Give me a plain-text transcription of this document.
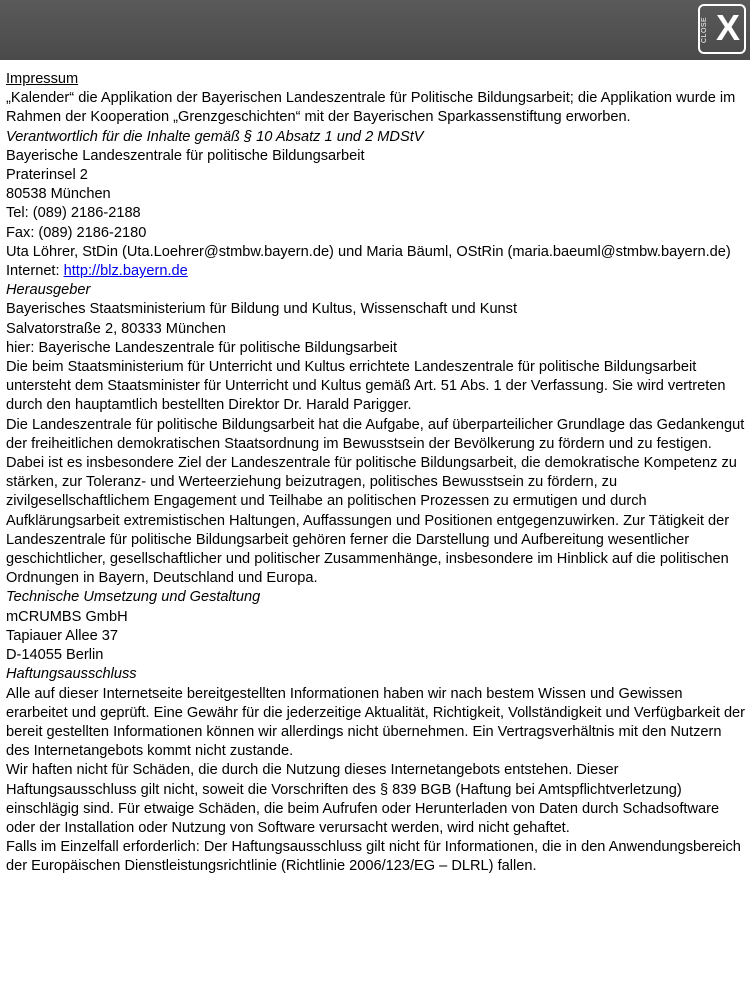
CLOSE X

Impressum

„Kalender“ die Applikation der Bayerischen Landeszentrale für Politische Bildungsarbeit; die Applikation wurde im Rahmen der Kooperation „Grenzgeschichten“ mit der Bayerischen Sparkassenstiftung erworben.

Verantwortlich für die Inhalte gemäß § 10 Absatz 1 und 2 MDStV

Bayerische Landeszentrale für politische Bildungsarbeit

Praterinsel 2

80538 München

Tel: (089) 2186-2188

Fax: (089) 2186-2180

Uta Löhrer, StDin (Uta.Loehrer@stmbw.bayern.de) und Maria Bäuml, OStRin (maria.baeuml@stmbw.bayern.de)

Internet: http://blz.bayern.de

Herausgeber

Bayerisches Staatsministerium für Bildung und Kultus, Wissenschaft und Kunst

Salvatorstraße 2, 80333 München

hier: Bayerische Landeszentrale für politische Bildungsarbeit

Die beim Staatsministerium für Unterricht und Kultus errichtete Landeszentrale für politische Bildungsarbeit untersteht dem Staatsminister für Unterricht und Kultus gemäß Art. 51 Abs. 1 der Verfassung. Sie wird vertreten durch den hauptamtlich bestellten Direktor Dr. Harald Parigger.

Die Landeszentrale für politische Bildungsarbeit hat die Aufgabe, auf überparteilicher Grundlage das Gedankengut der freiheitlichen demokratischen Staatsordnung im Bewusstsein der Bevölkerung zu fördern und zu festigen. Dabei ist es insbesondere Ziel der Landeszentrale für politische Bildungsarbeit, die demokratische Kompetenz zu stärken, zur Toleranz- und Werteerziehung beizutragen, politisches Bewusstsein zu fördern, zu zivilgesellschaftlichem Engagement und Teilhabe an politischen Prozessen zu ermutigen und durch Aufklärungsarbeit extremistischen Haltungen, Auffassungen und Positionen entgegenzuwirken. Zur Tätigkeit der Landeszentrale für politische Bildungsarbeit gehören ferner die Darstellung und Aufbereitung wesentlicher geschichtlicher, gesellschaftlicher und politischer Zusammenhänge, insbesondere im Hinblick auf die politischen Ordnungen in Bayern, Deutschland und Europa.

Technische Umsetzung und Gestaltung

mCRUMBS GmbH

Tapiauer Allee 37

D-14055 Berlin

Haftungsausschluss

Alle auf dieser Internetseite bereitgestellten Informationen haben wir nach bestem Wissen und Gewissen erarbeitet und geprüft. Eine Gewähr für die jederzeitige Aktualität, Richtigkeit, Vollständigkeit und Verfügbarkeit der bereit gestellten Informationen können wir allerdings nicht übernehmen. Ein Vertragsverhältnis mit den Nutzern des Internetangebots kommt nicht zustande.

Wir haften nicht für Schäden, die durch die Nutzung dieses Internetangebots entstehen. Dieser Haftungsausschluss gilt nicht, soweit die Vorschriften des § 839 BGB (Haftung bei Amtspflichtverletzung) einschlägig sind. Für etwaige Schäden, die beim Aufrufen oder Herunterladen von Daten durch Schadsoftware oder der Installation oder Nutzung von Software verursacht werden, wird nicht gehaftet.

Falls im Einzelfall erforderlich: Der Haftungsausschluss gilt nicht für Informationen, die in den Anwendungsbereich der Europäischen Dienstleistungsrichtlinie (Richtlinie 2006/123/EG – DLRL) fallen.
